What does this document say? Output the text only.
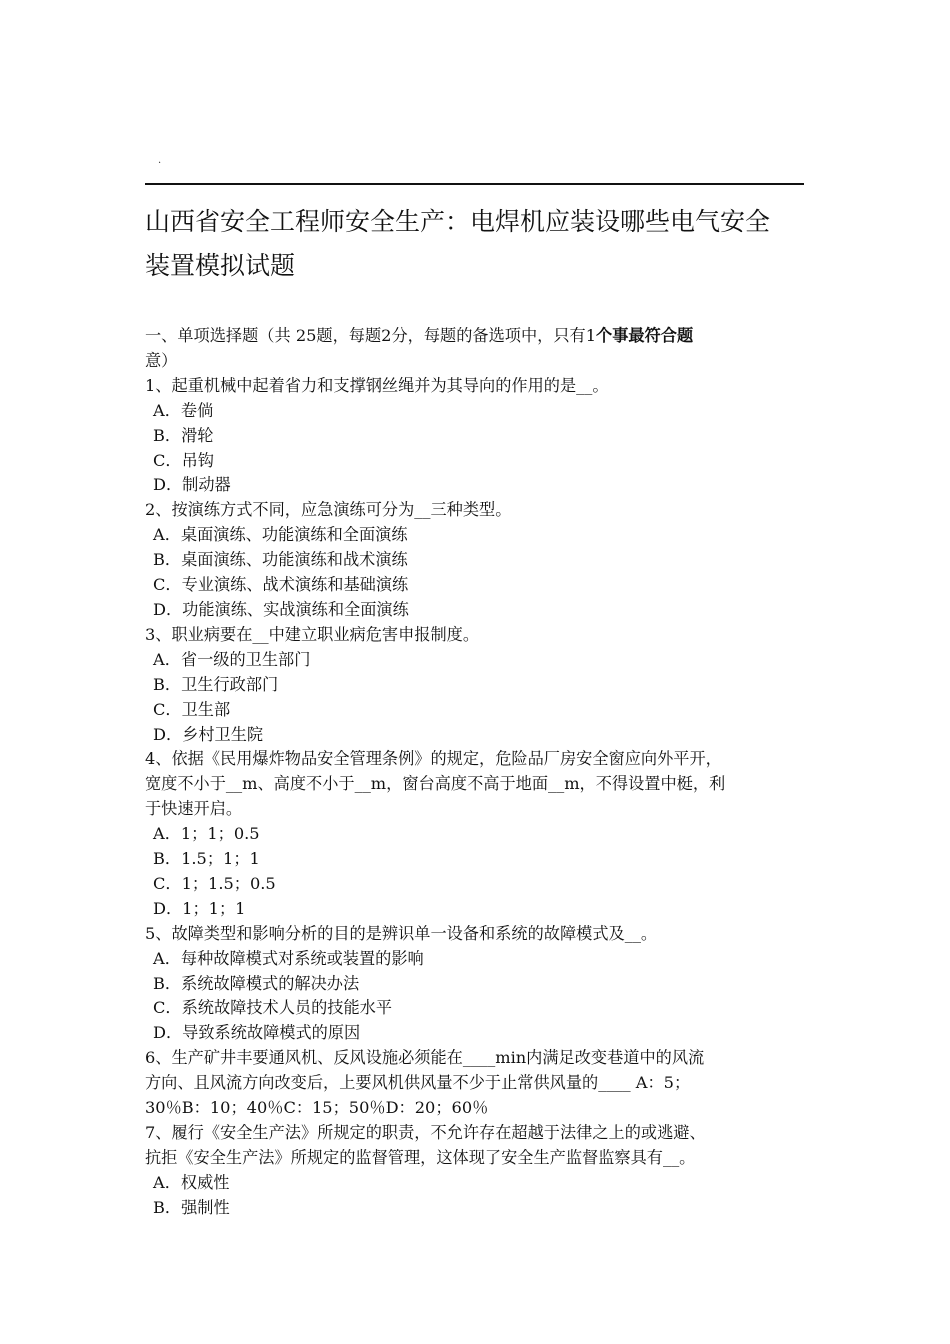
.
山西省安全工程师安全生产：电焊机应装设哪些电气安全
装置模拟试题
一、单项选择题（共 25题，每题2分，每题的备选项中，只有1个事最符合题
意）
1、起重机械中起着省力和支撑钢丝绳并为其导向的作用的是__。
A．卷倘
B．滑轮
C．吊钩
D．制动器
2、按演练方式不同，应急演练可分为__三种类型。
A．桌面演练、功能演练和全面演练
B．桌面演练、功能演练和战术演练
C．专业演练、战术演练和基础演练
D．功能演练、实战演练和全面演练
3、职业病要在__中建立职业病危害申报制度。
A．省一级的卫生部门
B．卫生行政部门
C．卫生部
D．乡村卫生院
4、依据《民用爆炸物品安全管理条例》的规定，危险品厂房安全窗应向外平开，
宽度不小于__m、高度不小于__m，窗台高度不高于地面__m，不得设置中梃，利
于快速开启。
A．1；1；0.5
B．1.5；1；1
C．1；1.5；0.5
D．1；1；1
5、故障类型和影响分析的目的是辨识单一设备和系统的故障模式及__。
A．每种故障模式对系统或装置的影响
B．系统故障模式的解决办法
C．系统故障技术人员的技能水平
D．导致系统故障模式的原因
6、生产矿井丰要通风机、反风设施必须能在____min内满足改变巷道中的风流
方向、且风流方向改变后，上要风机供风量不少于止常供风量的____ A：5；
30％B：10；40％C：15；50％D：20；60％
7、履行《安全生产法》所规定的职责，不允许存在超越于法律之上的或逃避、
抗拒《安全生产法》所规定的监督管理，这体现了安全生产监督监察具有__。
A．权威性
B．强制性
